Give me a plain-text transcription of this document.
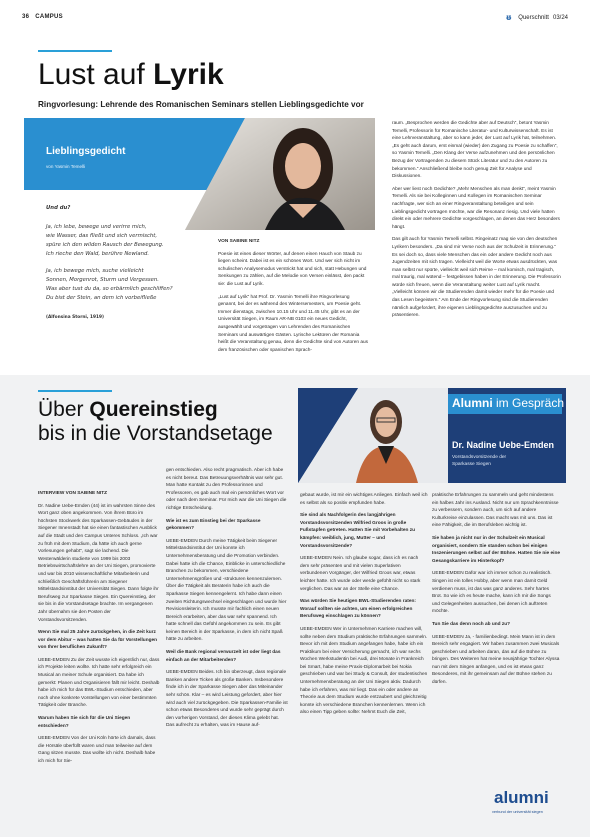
36 CAMPUS	ᵿ	Querschnitt 03/24
Lust auf Lyrik
Ringvorlesung: Lehrende des Romanischen Seminars stellen Lieblingsgedichte vor
Lieblingsgedicht
von Yasmin Temelli
Und du?

Ja, ich lebe, bewege und verirre mich,

wie Wasser, das fließt und sich vermischt,

spüre ich den wilden Rausch der Bewegung.

Ich rieche den Wald, berühre Newland.

Ja, ich bewege mich, suche vielleicht

Sonnen, Morgenrot, Sturm und Vergessen.

Was aber tust du da, so erbärmlich geschliffen?

Du bist der Stein, an dem ich vorbeifließe

(Alfonsina Storni, 1919)

VON SABINE NITZ

Poesie ist eines dieser Wörter, auf denen einen Hauch von Staub zu liegen scheint. Dabei ist es ein schönes Wort. Und wer sich nicht im schulischen Analysemodus verstrickt hat und sich, statt Hebungen und Senkungen zu zählen, auf die Melodie von Versen einlässt, den packt sie: die Lust auf Lyrik.

„Lust auf Lyrik“ hat Prof. Dr. Yasmin Temelli ihre Ringvorlesung genannt, bei der es während des Wintersemesters, um Poesie geht. Immer dienstags, zwischen 10.15 Uhr und 11.45 Uhr, gibt es an der Universität Siegen, im Raum AR-NB 0103 ein neues Gedicht, ausgewählt und vorgetragen von Lehrenden des Romanischen Seminars und auswärtigen Gästen. Lyrische Lektüren der Romania heißt die Veranstaltung genau, denn die Gedichte sind von Autoren aus dem französischen oder spanischen Sprach-

raum. „Besprochen werden die Gedichte aber auf Deutsch“, betont Yasmin Temelli, Professorin für Romanische Literatur- und Kulturwissenschaft. Es ist eine Lehrveranstaltung, aber so kann jeder, der Lust auf Lyrik hat, teilnehmen. „Es geht auch darum, erst einmal (wieder) den Zugang zu Poesie zu schaffen“, so Yasmin Temelli. „Den Klang der Verse aufzunehmen und den persönlichen Bezug der Vortragenden zu diesem Stück Literatur und zu den Autoren zu bekommen.“ Anschließend bleibe noch genug Zeit für Analyse und Diskussionen.

Aber wer liest noch Gedichte? „Mehr Menschen als man denkt“, meint Yasmin Temelli. Als sie bei Kolleginnen und Kollegen im Romanischen Seminar nachfragte, wer sich an einer Ringveranstaltung beteiligen und sein Lieblingsgedicht vortragen möchte, war die Resonanz riesig. Und viele hatten direkt ein oder mehrere Gedichte vorgeschlagen, an denen das Herz besonders hängt.

Das gilt auch für Yasmin Temelli selbst. Ringeinatz mag sie von den deutschen Lyrikern besonders. „Da sind mir Verse noch aus der Schulzeit in Erinnerung.“ Es sei doch so, dass viele Menschen das ein oder andere Gedicht noch aus Jugendzeiten mit sich tragen. Vielleicht weil die Worte etwas ausdrückten, was man selbst nur spürte, vielleicht weil sich Reime – mal komisch, mal tragisch, mal traurig, mal wütend – festgebissen haben in der Erinnerung. Die Professorin würde sich freuen, wenn die Veranstaltung weiter Lust auf Lyrik macht. „Vielleicht können wir die Studierenden damit wieder mehr für die Poesie und das Lesen begeistern.“ Am Ende der Ringvorlesung sind die Studierenden nämlich aufgefordert, ihre eigenen Lieblingsgedichte auszusuchen und zu präsentieren.

Über Quereinstieg
bis in die Vorstandsetage
Alumni im Gespräch
Dr. Nadine Uebe-Emden
Vorstandsvorsitzende der
Sparkasse Siegen

INTERVIEW VON SABINE NITZ

Dr. Nadine Uebe-Emden (44) ist im wahrsten Sinne des Wort ganz oben angekommen. Von ihrem Büro im höchsten Stockwerk des Sparkassen-Gebäudes in der Siegener Innenstadt hat sie einen fantastischen Ausblick auf die Stadt und den Campus Unteres Schloss. „Ich war zu früh mit dem Studium, da hätte ich auch gerne Vorlesungen gehabt“, sagt sie lachend. Die Westerwälderin studierte von 1999 bis 2003 Betriebswirtschaftslehre an der Uni Siegen, promovierte und war bis 2010 wissenschaftliche Mitarbeiterin und schließlich Geschäftsführerin am Siegener Mittelstandsinstitut der Universität Siegen. Dann folgte ihr Berufsweg zur Sparkasse Siegen. Ein Quereinstieg, der sie bis in die Vorstandsetage brachte. Im vergangenen Jahr übernahm sie den Posten der Vorstandsvorsitzenden.

Wenn Sie mal 25 Jahre zurückgehen, in die Zeit kurz vor dem Abitur – was hatten Sie da für Vorstellungen von Ihrer beruflichen Zukunft?

UEBE-EMDEN Zu der Zeit wusste ich eigentlich nur, dass ich Projekte leiten wollte. Ich hatte sehr erfolgreich ein Musical an meiner Schule organisiert. Da habe ich gemerkt: Planen und Organisieren fällt mir leicht. Deshalb habe ich mich für das BWL-Studium entschieden, aber noch ohne konkrete Vorstellungen von einer bestimmten Tätigkeit oder Branche.

Warum haben Sie sich für die Uni Siegen entschieden?

UEBE-EMDEN Von der Uni Köln hörte ich damals, dass die Hörsäle überfüllt waren und man teilweise auf dem Gang sitzen musste. Das wollte ich nicht. Deshalb habe ich mich für Sie-

gen entschieden. Also recht pragmatisch. Aber ich habe es nicht bereut. Das Betreuungsverhältnis war sehr gut. Man hatte Kontakt zu den Professorinnen und Professoren, es gab auch mal ein persönliches Wort vor oder nach dem Seminar. Für mich war die Uni Siegen die richtige Entscheidung.

Wie ist es zum Einstieg bei der Sparkasse gekommen?

UEBE-EMDEN Durch meine Tätigkeit beim Siegener Mittelstandsinstitut der Uni konnte ich Unternehmensberatung und die Promotion verbinden. Dabei hatte ich die Chance, Einblicke in unterschiedliche Branchen zu bekommen, verschiedene Unternehmensgrößen und -strukturen kennenzulernen. Über die Tätigkeit als Beraterin habe ich auch die Sparkasse Siegen kennengelernt. Ich habe dann einen zweiten Richtungswechsel eingeschlagen und wurde hier Revisionsleiterin. Ich musste mir fachlich einen neuen Bereich erarbeiten, aber das war sehr spannend. Ich hatte schnell das Gefühl angekommen zu sein. Es gibt keinen Bereich in der Sparkasse, in dem ich nicht Spaß hätte zu arbeiten.

Weil die Bank regional verwurzelt ist oder liegt das einfach an der Mitarbeitenden?

UEBE-EMDEN Beides. Ich bin überzeugt, dass regionale Banken andere Ticken als große Banken. Insbesondere finde ich in der Sparkasse Siegen aber das Miteinander sehr schön. Klar – es wird Leistung gefordert, aber hier wird auch viel zurückgegeben. Die Sparkassen-Familie ist schon etwas Besonderes und wurde sehr geprägt durch den vorherigen Vorstand, der dieses Klima gelebt hat. Das aufrecht zu erhalten, was im Hause auf-

gebaut wurde, ist mir ein wichtiges Anliegen. Einfach weil ich es selbst als so positiv empfunden habe.

Sie sind als Nachfolgerin des langjährigen Vorstandsvorsitzenden Wilfried Groos in große Fußstapfen getreten. Hatten Sie mit Vorbehalten zu kämpfen: weiblich, jung, Mutter – und Vorstandsvorsitzende?

UEBE-EMDEN Nein. Ich glaube sogar, dass ich es nach dem sehr präsenten und mit vielen Superlativen verbundenen Vorgänger, der Wilfried Groos war, etwas leichter hatte. Ich wurde oder werde gefühlt nicht so stark verglichen. Das war an der Stelle eine Chance.

Was würden Sie heutigen BWL-Studierenden raten: Worauf sollten sie achten, um einen erfolgreichen Berufsweg einschlagen zu können?

UEBE-EMDEN Wer in Unternehmen Karriere machen will, sollte neben dem Studium praktische Erfahrungen sammeln. Bevor ich mit dem Studium angefangen habe, habe ich ein Praktikum bei einer Versicherung gemacht, ich war sechs Wochen Werkstudentin bei Audi, drei Monate in Frankreich bei Smart, habe meine Praxis-Diplomarbeit bei Nokia geschrieben und war bei Study & Consult, der studentischen Unternehmensberatung an der Uni Siegen aktiv. Dadurch habe ich erfahren, was mir liegt. Das ein oder andere an Theorie aus dem Studium wurde entzaubert und gleichzeitig konnte ich verschiedene Branchen kennenlernen. Wenn ich also einen Tipp geben sollte: Nehmt Euch die Zeit,

praktische Erfahrungen zu sammeln und geht mindestens ein halbes Jahr ins Ausland. Nicht nur um Sprachkenntnisse zu verbessern, sondern auch, um sich auf andere Kulturkreise einzulassen. Das macht was mit uns. Das ist eine Fähigkeit, die im Berufsleben wichtig ist.

Sie haben ja nicht nur in der Schulzeit ein Musical organisiert, sondern Sie standen schon bei einigen Inszenierungen selbst auf der Bühne. Hatten Sie nie eine Gesangskarriere im Hinterkopf?

UEBE-EMDEN Dafür war ich immer schon zu realistisch. Singen ist ein tolles Hobby, aber wenn man damit Geld verdienen muss, ist das was ganz anderes. Sehr hartes Brot. So wie ich es heute mache, kann ich mir die Songs und Gelegenheiten aussuchen, bei denen ich auftreten möchte.

Tun Sie das denn noch ab und zu?

UEBE-EMDEN Ja, - familienbedingt. Mein Mann ist in dem Bereich sehr engagiert. Wir haben zusammen zwei Musicals geschrieben und arbeiten daran, das auf die Bühne zu bringen. Des Weiteren hat meine neunjährige Tochter Alyssa nun mit dem Singen anfangen, und es ist etwas ganz Besonderes, mit ihr gemeinsam auf der Bühne stehen zu dürfen.

alumni
verbund der universität siegen
